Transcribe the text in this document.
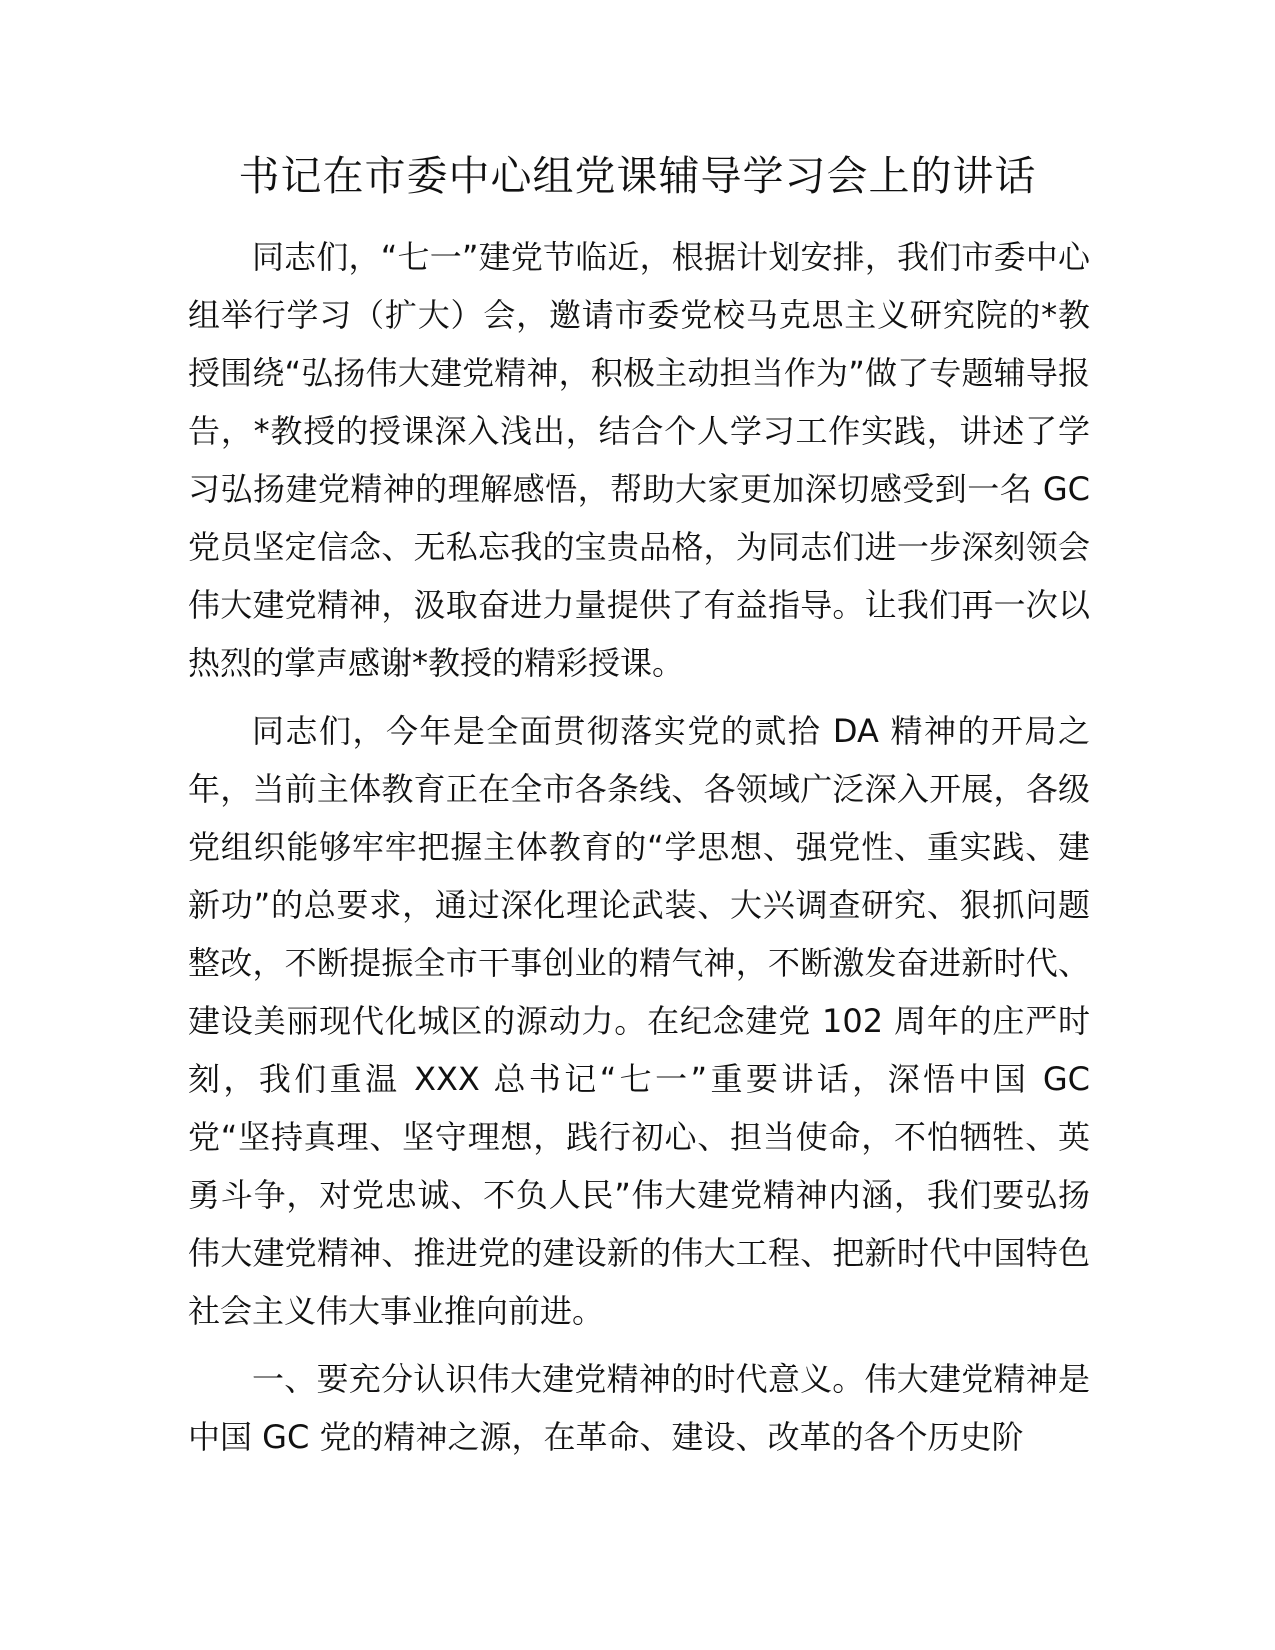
书记在市委中心组党课辅导学习会上的讲话

同志们，“七一”建党节临近，根据计划安排，我们市委中心组举行学习（扩大）会，邀请市委党校马克思主义研究院的*教授围绕“弘扬伟大建党精神，积极主动担当作为”做了专题辅导报告，*教授的授课深入浅出，结合个人学习工作实践，讲述了学习弘扬建党精神的理解感悟，帮助大家更加深切感受到一名 GC 党员坚定信念、无私忘我的宝贵品格，为同志们进一步深刻领会伟大建党精神，汲取奋进力量提供了有益指导。让我们再一次以热烈的掌声感谢*教授的精彩授课。

同志们，今年是全面贯彻落实党的贰拾 DA 精神的开局之年，当前主体教育正在全市各条线、各领域广泛深入开展，各级党组织能够牢牢把握主体教育的“学思想、强党性、重实践、建新功”的总要求，通过深化理论武装、大兴调查研究、狠抓问题整改，不断提振全市干事创业的精气神，不断激发奋进新时代、建设美丽现代化城区的源动力。在纪念建党 102 周年的庄严时刻，我们重温 XXX 总书记“七一”重要讲话，深悟中国 GC 党“坚持真理、坚守理想，践行初心、担当使命，不怕牺牲、英勇斗争，对党忠诚、不负人民”伟大建党精神内涵，我们要弘扬伟大建党精神、推进党的建设新的伟大工程、把新时代中国特色社会主义伟大事业推向前进。

一、要充分认识伟大建党精神的时代意义。伟大建党精神是中国 GC 党的精神之源，在革命、建设、改革的各个历史阶
